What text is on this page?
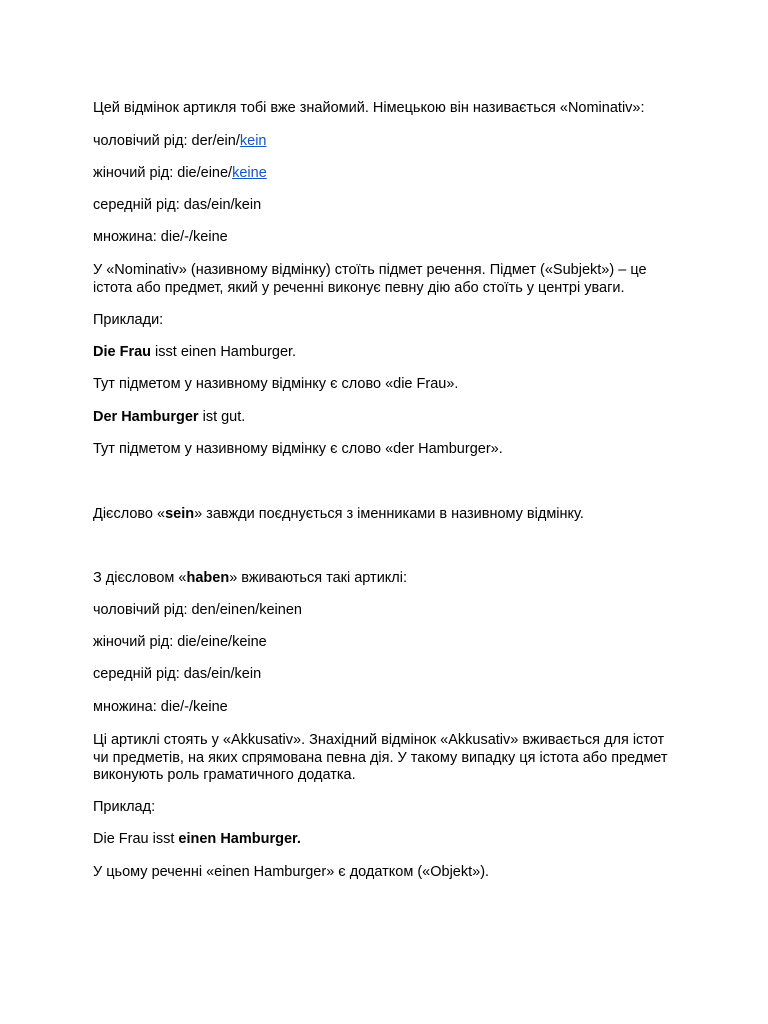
Цей відмінок артикля тобі вже знайомий. Німецькою він називається «Nominativ»:
чоловічий рід: der/ein/kein
жіночий рід: die/eine/keine
середній рід: das/ein/kein
множина: die/-/keine
У «Nominativ» (називному відмінку) стоїть підмет речення. Підмет («Subjekt») – це істота або предмет, який у реченні виконує певну дію або стоїть у центрі уваги.
Приклади:
Die Frau isst einen Hamburger.
Тут підметом у називному відмінку є слово «die Frau».
Der Hamburger ist gut.
Тут підметом у називному відмінку є слово «der Hamburger».
Дієслово «sein» завжди поєднується з іменниками в називному відмінку.
З дієсловом «haben» вживаються такі артиклі:
чоловічий рід: den/einen/keinen
жіночий рід: die/eine/keine
середній рід: das/ein/kein
множина: die/-/keine
Ці артиклі стоять у «Akkusativ». Знахідний відмінок «Akkusativ» вживається для істот чи предметів, на яких спрямована певна дія. У такому випадку ця істота або предмет виконують роль граматичного додатка.
Приклад:
Die Frau isst einen Hamburger.
У цьому реченні «einen Hamburger» є додатком («Objekt»).
